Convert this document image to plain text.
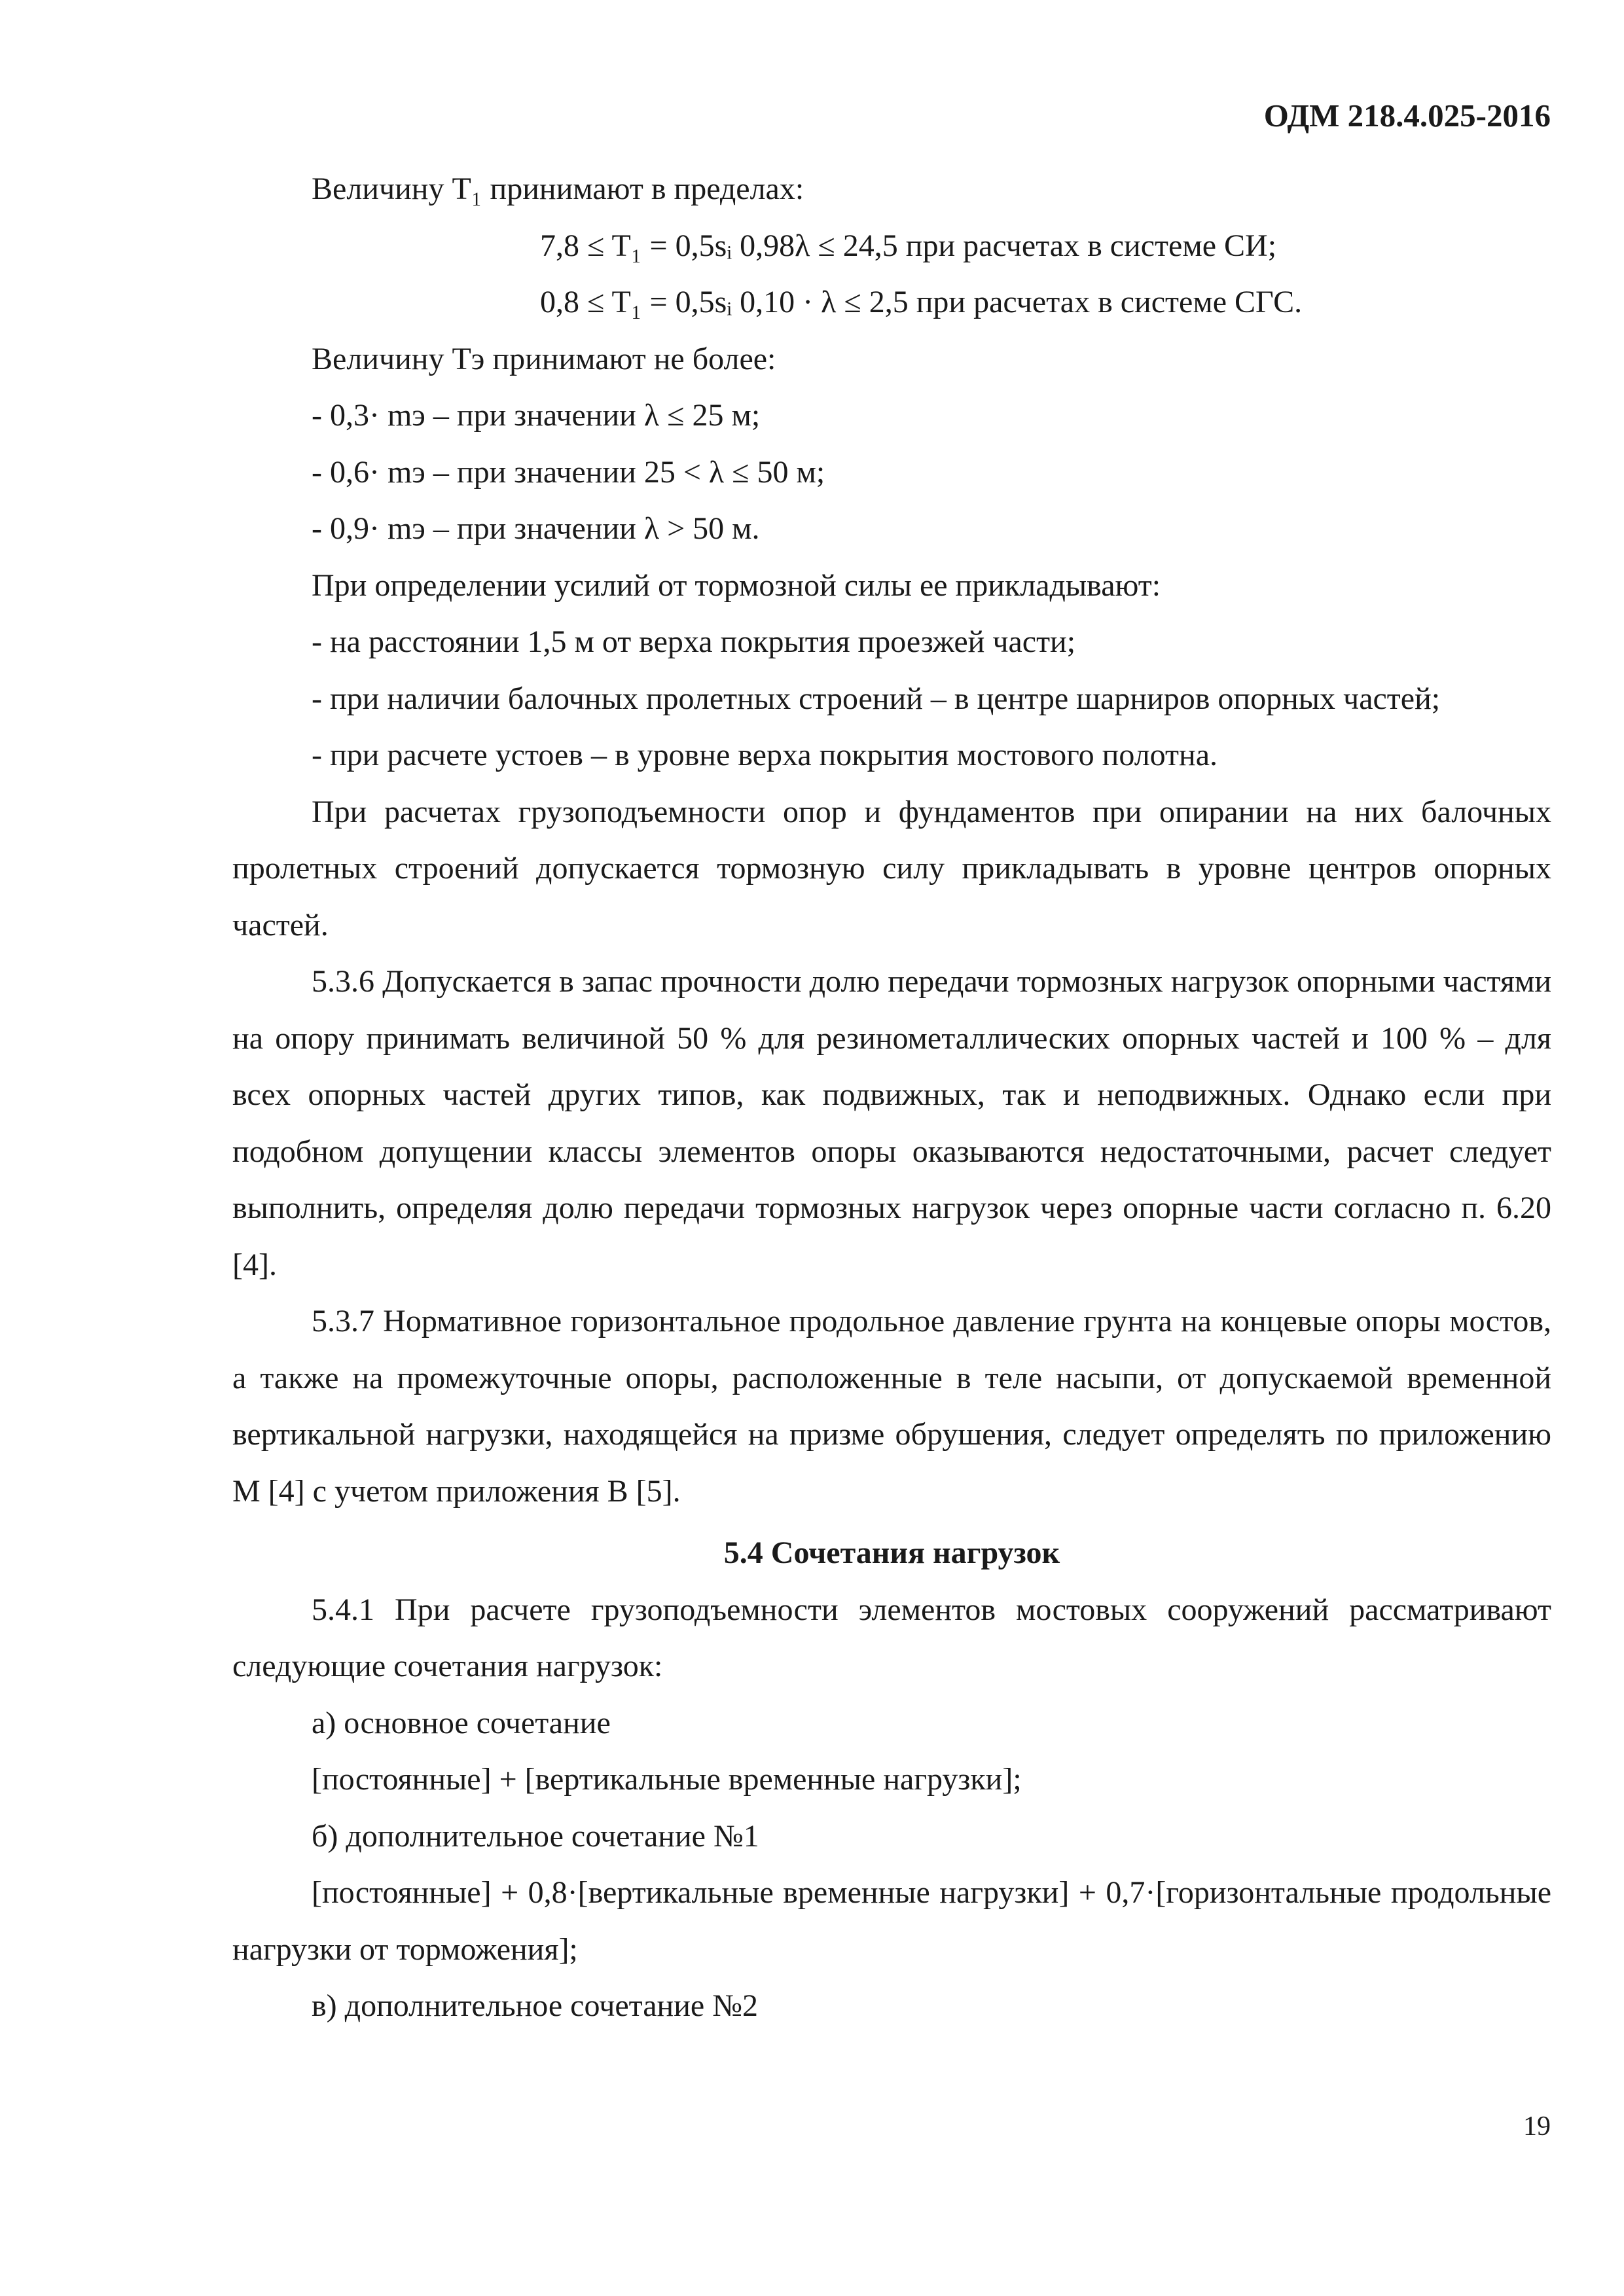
ОДМ 218.4.025-2016

Величину T₁ принимают в пределах:

7,8 ≤ T₁ = 0,5sᵢ 0,98λ ≤ 24,5 при расчетах в системе СИ;

0,8 ≤ T₁ = 0,5sᵢ 0,10 · λ ≤ 2,5 при расчетах в системе СГС.

Величину Tэ принимают не более:

- 0,3· mэ – при значении λ ≤ 25 м;

- 0,6· mэ – при значении 25 < λ ≤ 50 м;

- 0,9· mэ – при значении λ > 50 м.

При определении усилий от тормозной силы ее прикладывают:

- на расстоянии 1,5 м от верха покрытия проезжей части;

- при наличии балочных пролетных строений – в центре шарниров опорных частей;

- при расчете устоев – в уровне верха покрытия мостового полотна.

При расчетах грузоподъемности опор и фундаментов при опирании на них балочных пролетных строений допускается тормозную силу прикладывать в уровне центров опорных частей.

5.3.6 Допускается в запас прочности долю передачи тормозных нагрузок опорными частями на опору принимать величиной 50 % для резинометаллических опорных частей и 100 % – для всех опорных частей других типов, как подвижных, так и неподвижных. Однако если при подобном допущении классы элементов опоры оказываются недостаточными, расчет следует выполнить, определяя долю передачи тормозных нагрузок через опорные части согласно п. 6.20 [4].

5.3.7 Нормативное горизонтальное продольное давление грунта на концевые опоры мостов, а также на промежуточные опоры, расположенные в теле насыпи, от допускаемой временной вертикальной нагрузки, находящейся на призме обрушения, следует определять по приложению М [4] с учетом приложения В [5].

5.4 Сочетания нагрузок

5.4.1 При расчете грузоподъемности элементов мостовых сооружений рассматривают следующие сочетания нагрузок:

а) основное сочетание

[постоянные] + [вертикальные временные нагрузки];

б) дополнительное сочетание №1

[постоянные] + 0,8·[вертикальные временные нагрузки] + 0,7·[горизонтальные продольные нагрузки от торможения];

в) дополнительное сочетание №2

19
